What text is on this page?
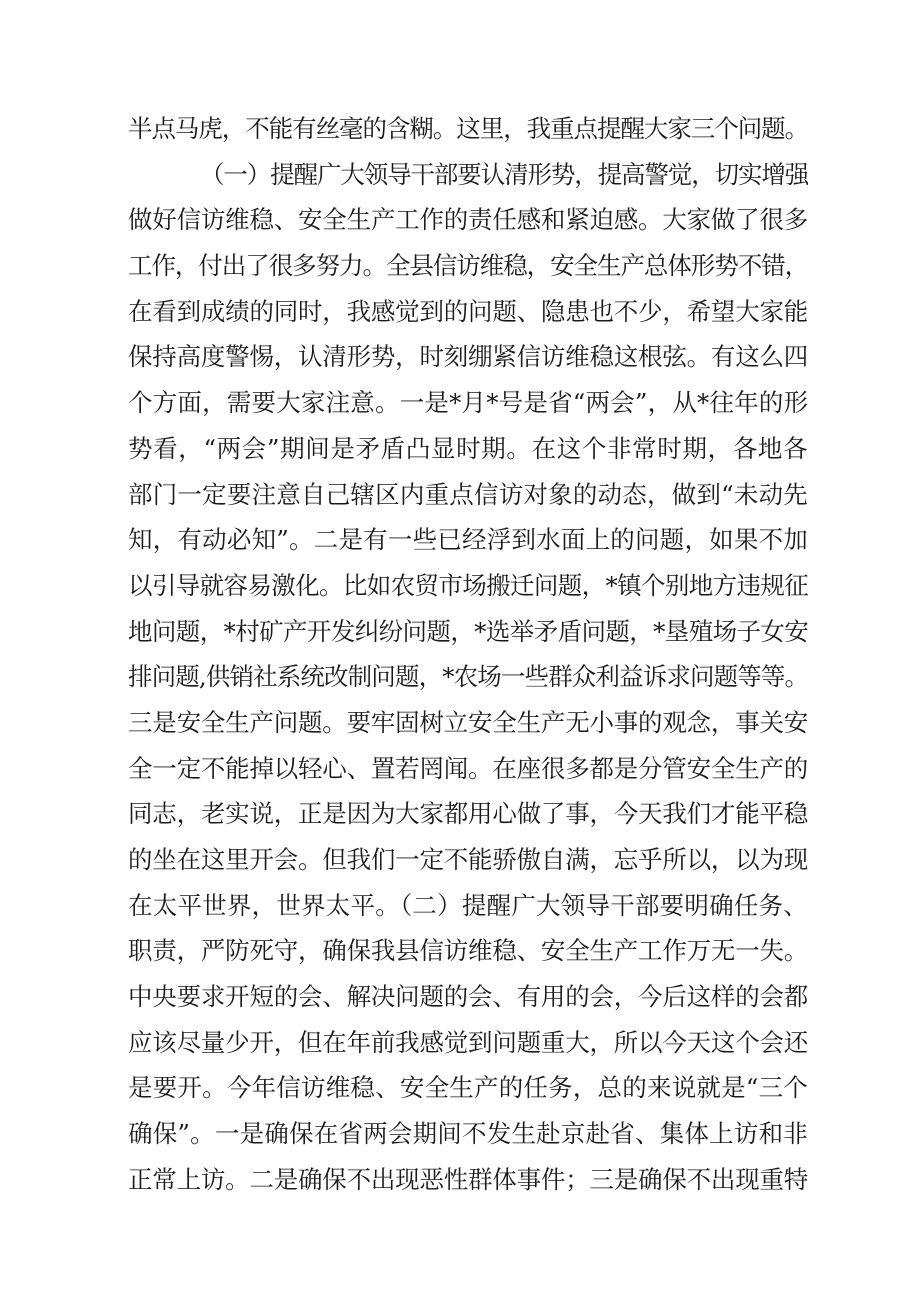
半点马虎，不能有丝毫的含糊。这里，我重点提醒大家三个问题。
（一）提醒广大领导干部要认清形势，提高警觉，切实增强
做好信访维稳、安全生产工作的责任感和紧迫感。大家做了很多
工作，付出了很多努力。全县信访维稳，安全生产总体形势不错，
在看到成绩的同时，我感觉到的问题、隐患也不少，希望大家能
保持高度警惕，认清形势，时刻绷紧信访维稳这根弦。有这么四
个方面，需要大家注意。一是*月*号是省“两会”，从*往年的形
势看，“两会”期间是矛盾凸显时期。在这个非常时期，各地各
部门一定要注意自己辖区内重点信访对象的动态，做到“未动先
知，有动必知”。二是有一些已经浮到水面上的问题，如果不加
以引导就容易激化。比如农贸市场搬迁问题，*镇个别地方违规征
地问题，*村矿产开发纠纷问题，*选举矛盾问题，*垦殖场子女安
排问题,供销社系统改制问题，*农场一些群众利益诉求问题等等。
三是安全生产问题。要牢固树立安全生产无小事的观念，事关安
全一定不能掉以轻心、置若罔闻。在座很多都是分管安全生产的
同志，老实说，正是因为大家都用心做了事，今天我们才能平稳
的坐在这里开会。但我们一定不能骄傲自满，忘乎所以，以为现
在太平世界，世界太平。（二）提醒广大领导干部要明确任务、
职责，严防死守，确保我县信访维稳、安全生产工作万无一失。
中央要求开短的会、解决问题的会、有用的会，今后这样的会都
应该尽量少开，但在年前我感觉到问题重大，所以今天这个会还
是要开。今年信访维稳、安全生产的任务，总的来说就是“三个
确保”。一是确保在省两会期间不发生赴京赴省、集体上访和非
正常上访。二是确保不出现恶性群体事件；三是确保不出现重特
